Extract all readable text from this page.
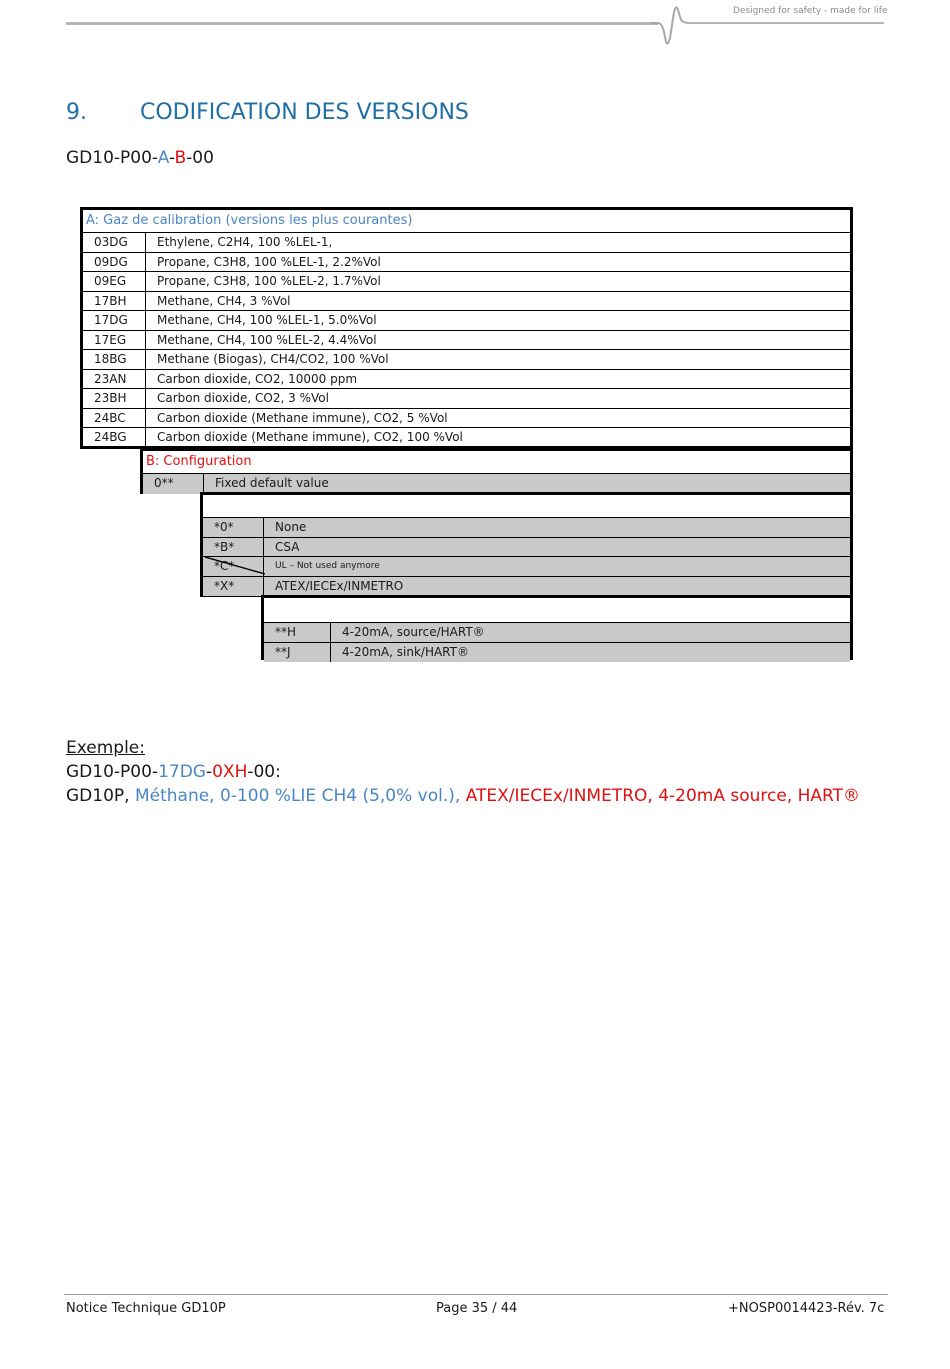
Designed for safety - made for life
9. CODIFICATION DES VERSIONS
GD10-P00-A-B-00
A: Gaz de calibration (versions les plus courantes)
03DG	Ethylene, C2H4, 100 %LEL-1,
09DG	Propane, C3H8, 100 %LEL-1, 2.2%Vol
09EG	Propane, C3H8, 100 %LEL-2, 1.7%Vol
17BH	Methane, CH4, 3 %Vol
17DG	Methane, CH4, 100 %LEL-1, 5.0%Vol
17EG	Methane, CH4, 100 %LEL-2, 4.4%Vol
18BG	Methane (Biogas), CH4/CO2, 100 %Vol
23AN	Carbon dioxide, CO2, 10000 ppm
23BH	Carbon dioxide, CO2, 3 %Vol
24BC	Carbon dioxide (Methane immune), CO2, 5 %Vol
24BG	Carbon dioxide (Methane immune), CO2, 100 %Vol
B: Configuration
0**	Fixed default value
*0*	None
*B*	CSA
*C*	UL – Not used anymore
*X*	ATEX/IECEx/INMETRO
**H	4-20mA, source/HART®
**J	4-20mA, sink/HART®
Exemple:
GD10-P00-17DG-0XH-00:
GD10P, Méthane, 0-100 %LIE CH4 (5,0% vol.), ATEX/IECEx/INMETRO, 4-20mA source, HART®
Notice Technique GD10P	Page 35 / 44	+NOSP0014423-Rév. 7c
